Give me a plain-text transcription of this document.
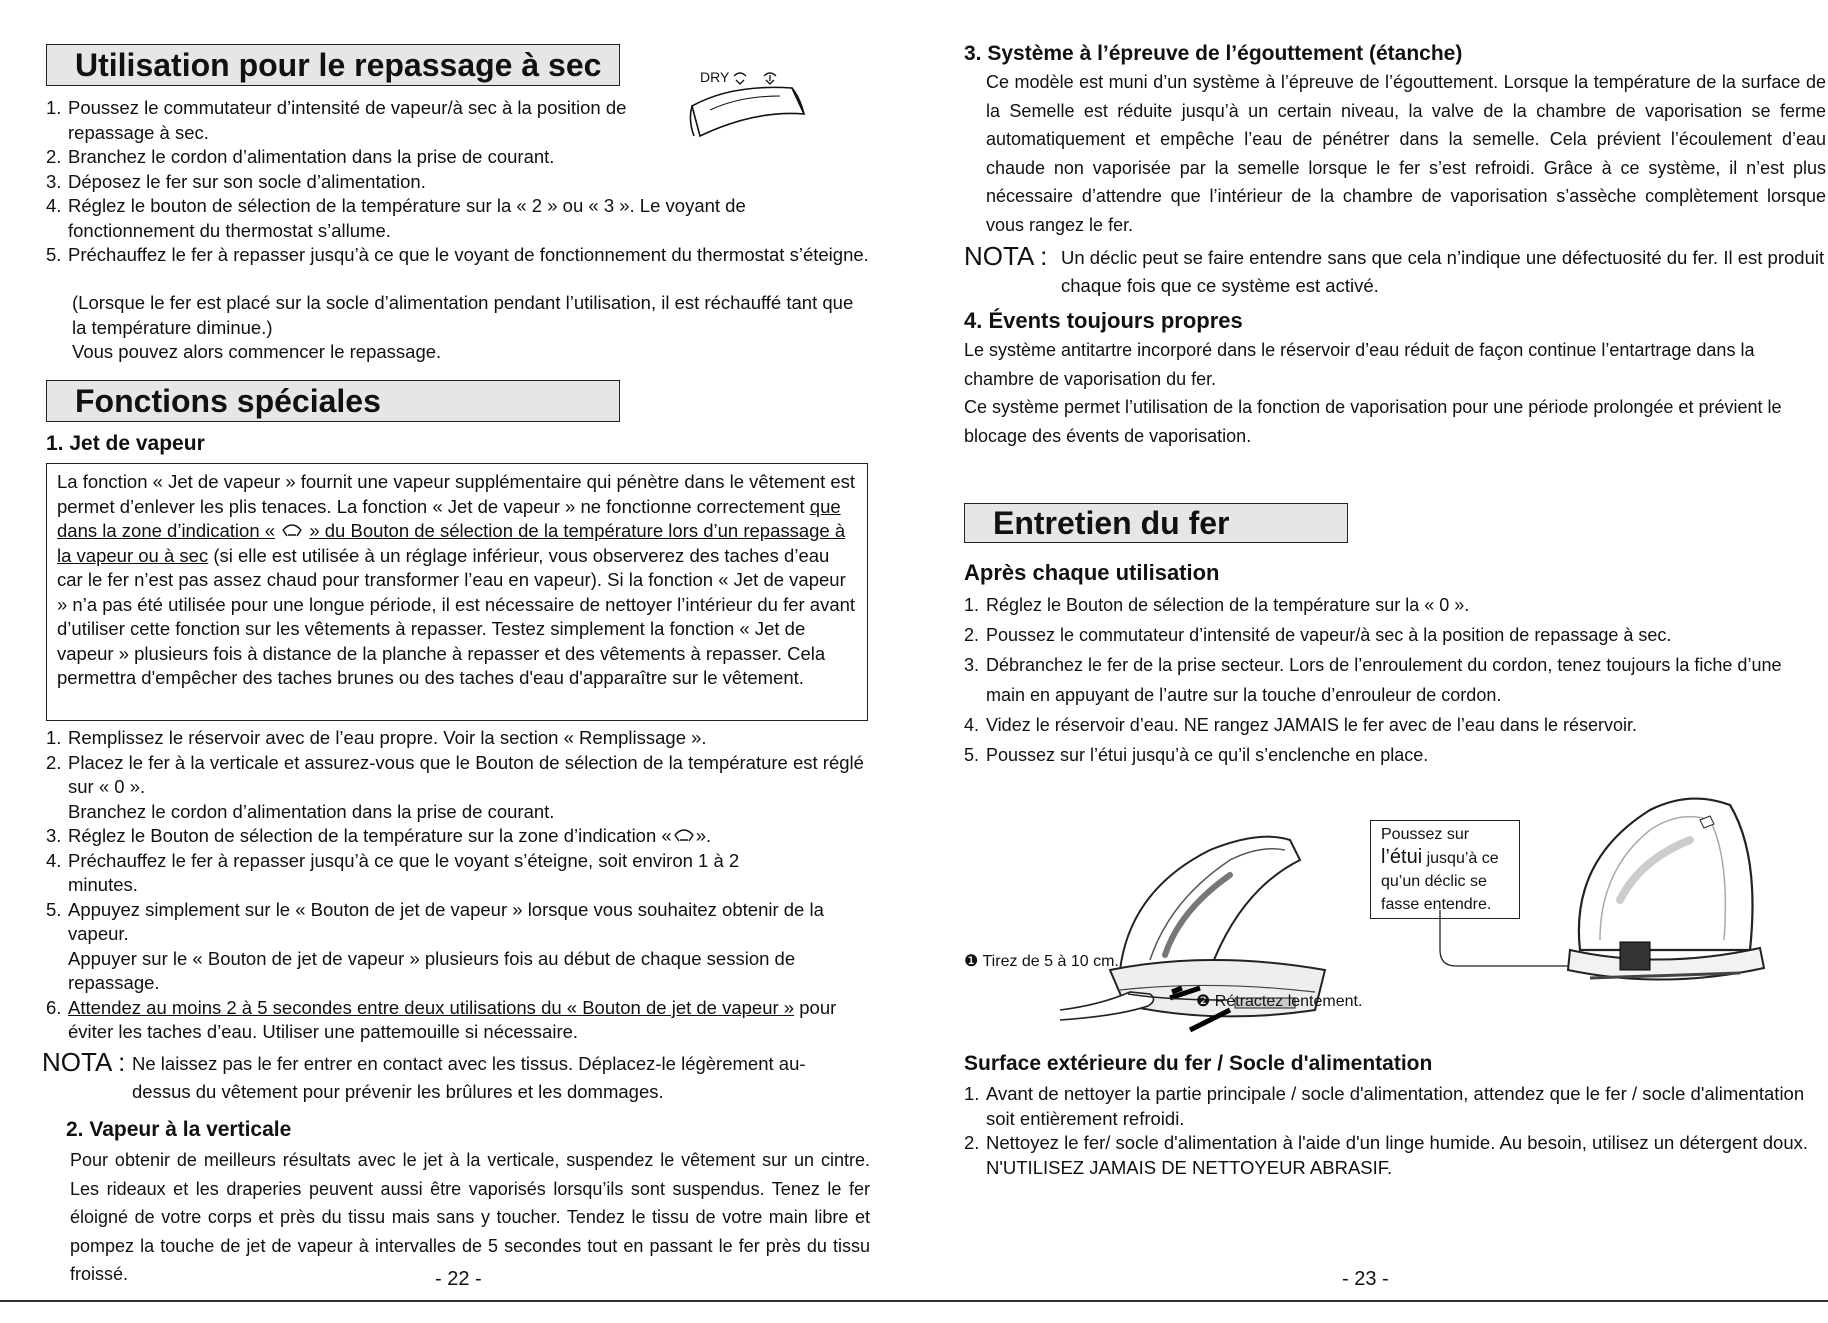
Utilisation pour le repassage à sec	DRY
1. Poussez le commutateur d’intensité de vapeur/à sec à la position de repassage à sec.
2. Branchez le cordon d’alimentation dans la prise de courant.
3. Déposez le fer sur son socle d’alimentation.
4. Réglez le bouton de sélection de la température sur la « 2 » ou « 3 ». Le voyant de fonctionnement du thermostat s’allume.
5. Préchauffez le fer à repasser jusqu’à ce que le voyant de fonctionnement du thermostat s’éteigne.

(Lorsque le fer est placé sur la socle d’alimentation pendant l’utilisation, il est réchauffé tant que la température diminue.)

Vous pouvez alors commencer le repassage.

Fonctions spéciales
1. Jet de vapeur
La fonction « Jet de vapeur » fournit une vapeur supplémentaire qui pénètre dans le vêtement est permet d’enlever les plis tenaces. La fonction « Jet de vapeur » ne fonctionne correctement que dans la zone d’indication « » du Bouton de sélection de la température lors d’un repassage à la vapeur ou à sec (si elle est utilisée à un réglage inférieur, vous observerez des taches d’eau car le fer n’est pas assez chaud pour transformer l’eau en vapeur). Si la fonction « Jet de vapeur » n’a pas été utilisée pour une longue période, il est nécessaire de nettoyer l’intérieur du fer avant d’utiliser cette fonction sur les vêtements à repasser. Testez simplement la fonction « Jet de vapeur » plusieurs fois à distance de la planche à repasser et des vêtements à repasser. Cela permettra d'empêcher des taches brunes ou des taches d'eau d'apparaître sur le vêtement.
1. Remplissez le réservoir avec de l’eau propre. Voir la section « Remplissage ».
2. Placez le fer à la verticale et assurez-vous que le Bouton de sélection de la température est réglé sur « 0 ».
Branchez le cordon d’alimentation dans la prise de courant.
3. Réglez le Bouton de sélection de la température sur la zone d’indication « ».
4. Préchauffez le fer à repasser jusqu’à ce que le voyant s’éteigne, soit environ 1 à 2 minutes.
5. Appuyez simplement sur le « Bouton de jet de vapeur » lorsque vous souhaitez obtenir de la vapeur.
Appuyer sur le « Bouton de jet de vapeur » plusieurs fois au début de chaque session de repassage.
6. Attendez au moins 2 à 5 secondes entre deux utilisations du « Bouton de jet de vapeur » pour éviter les taches d’eau. Utiliser une pattemouille si nécessaire.
NOTA : Ne laissez pas le fer entrer en contact avec les tissus. Déplacez-le légèrement au-dessus du vêtement pour prévenir les brûlures et les dommages.
2. Vapeur à la verticale

Pour obtenir de meilleurs résultats avec le jet à la verticale, suspendez le vêtement sur un cintre. Les rideaux et les draperies peuvent aussi être vaporisés lorsqu’ils sont suspendus. Tenez le fer éloigné de votre corps et près du tissu mais sans y toucher. Tendez le tissu de votre main libre et pompez la touche de jet de vapeur à intervalles de 5 secondes tout en passant le fer près du tissu froissé.	- 22 -
3. Système à l’épreuve de l’égouttement (étanche)

Ce modèle est muni d’un système à l’épreuve de l’égouttement. Lorsque la température de la surface de la Semelle est réduite jusqu’à un certain niveau, la valve de la chambre de vaporisation se ferme automatiquement et empêche l’eau de pénétrer dans la semelle. Cela prévient l’écoulement d’eau chaude non vaporisée par la semelle lorsque le fer s’est refroidi. Grâce à ce système, il n’est plus nécessaire d’attendre que l’intérieur de la chambre de vaporisation s’assèche complètement lorsque vous rangez le fer.

NOTA : Un déclic peut se faire entendre sans que cela n’indique une défectuosité du fer. Il est produit chaque fois que ce système est activé.
4. Évents toujours propres

Le système antitartre incorporé dans le réservoir d’eau réduit de façon continue l’entartrage dans la chambre de vaporisation du fer.

Ce système permet l’utilisation de la fonction de vaporisation pour une période prolongée et prévient le blocage des évents de vaporisation.

Entretien du fer
Après chaque utilisation
1. Réglez le Bouton de sélection de la température sur la « 0 ».
2. Poussez le commutateur d’intensité de vapeur/à sec à la position de repassage à sec.
3. Débranchez le fer de la prise secteur. Lors de l’enroulement du cordon, tenez toujours la fiche d’une main en appuyant de l’autre sur la touche d’enrouleur de cordon.
4. Videz le réservoir d’eau. NE rangez JAMAIS le fer avec de l’eau dans le réservoir.
5. Poussez sur l’étui jusqu’à ce qu’il s’enclenche en place.
❶ Tirez de 5 à 10 cm.
❷ Rétractez lentement.
Poussez sur
l’étui jusqu’à ce qu’un déclic se fasse entendre.
Surface extérieure du fer / Socle d'alimentation
1. Avant de nettoyer la partie principale / socle d'alimentation, attendez que le fer / socle d'alimentation soit entièrement refroidi.
2. Nettoyez le fer/ socle d'alimentation à l'aide d'un linge humide. Au besoin, utilisez un détergent doux. N'UTILISEZ JAMAIS DE NETTOYEUR ABRASIF.
- 23 -
